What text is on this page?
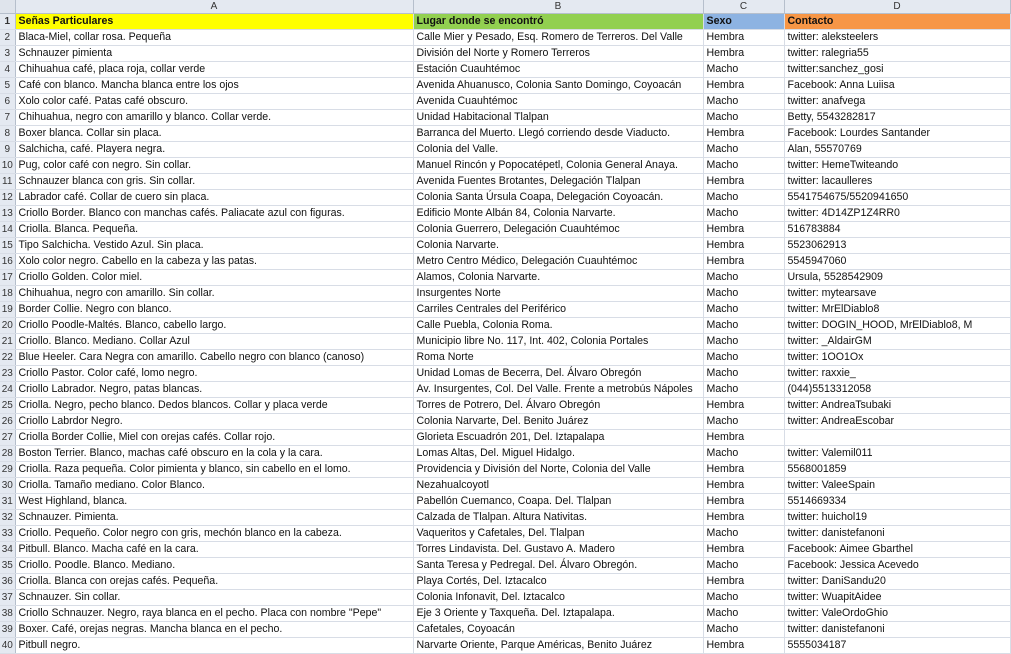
	A	B	C	D
1	Señas Particulares	Lugar donde se encontró	Sexo	Contacto
2	Blaca-Miel, collar rosa. Pequeña	Calle Mier y Pesado, Esq. Romero de Terreros. Del Valle	Hembra	twitter: aleksteelers
3	Schnauzer pimienta	División del Norte y Romero Terreros	Hembra	twitter: ralegria55
4	Chihuahua café, placa roja, collar verde	Estación Cuauhtémoc	Macho	twitter:sanchez_gosi
5	Café con blanco. Mancha blanca entre los ojos	Avenida Ahuanusco, Colonia Santo Domingo, Coyoacán	Hembra	Facebook: Anna Luiisa
6	Xolo color café. Patas café obscuro.	Avenida Cuauhtémoc	Macho	twitter: anafvega
7	Chihuahua, negro con amarillo y blanco. Collar verde.	Unidad Habitacional Tlalpan	Macho	Betty, 5543282817
8	Boxer blanca. Collar sin placa.	Barranca del Muerto. Llegó corriendo desde Viaducto.	Hembra	Facebook: Lourdes Santander
9	Salchicha, café. Playera negra.	Colonia del Valle.	Macho	Alan, 55570769
10	Pug, color café con negro. Sin collar.	Manuel Rincón y Popocatépetl, Colonia General Anaya.	Macho	twitter: HemeTwiteando
11	Schnauzer blanca con gris. Sin collar.	Avenida Fuentes Brotantes, Delegación Tlalpan	Hembra	twitter: lacaulleres
12	Labrador café. Collar de cuero sin placa.	Colonia Santa Úrsula Coapa, Delegación Coyoacán.	Macho	5541754675/5520941650
13	Criollo Border. Blanco con manchas cafés. Paliacate azul con figuras.	Edificio Monte Albán 84, Colonia Narvarte.	Macho	twitter: 4D14ZP1Z4RR0
14	Criolla. Blanca. Pequeña.	Colonia Guerrero, Delegación Cuauhtémoc	Hembra	516783884
15	Tipo Salchicha. Vestido Azul. Sin placa.	Colonia Narvarte.	Hembra	5523062913
16	Xolo color negro. Cabello en la cabeza y las patas.	Metro Centro Médico, Delegación Cuauhtémoc	Hembra	5545947060
17	Criollo Golden. Color miel.	Alamos, Colonia Narvarte.	Macho	Ursula, 5528542909
18	Chihuahua, negro con amarillo. Sin collar.	Insurgentes Norte	Macho	twitter: mytearsave
19	Border Collie. Negro con blanco.	Carriles Centrales del Periférico	Macho	twitter: MrElDiablo8
20	Criollo Poodle-Maltés. Blanco, cabello largo.	Calle Puebla, Colonia Roma.	Macho	twitter: DOGIN_HOOD, MrElDiablo8, M
21	Criollo. Blanco. Mediano. Collar Azul	Municipio libre No. 117, Int. 402, Colonia Portales	Macho	twitter: _AldairGM
22	Blue Heeler. Cara Negra con amarillo. Cabello negro con blanco (canoso)	Roma Norte	Macho	twitter: 1OO1Ox
23	Criollo Pastor. Color café, lomo negro.	Unidad Lomas de Becerra, Del. Álvaro Obregón	Macho	twitter: raxxie_
24	Criollo Labrador. Negro, patas blancas.	Av. Insurgentes, Col. Del Valle. Frente a metrobús Nápoles	Macho	(044)5513312058
25	Criolla. Negro, pecho blanco. Dedos blancos. Collar y placa verde	Torres de Potrero, Del. Álvaro Obregón	Hembra	twitter: AndreaTsubaki
26	Criollo Labrdor Negro.	Colonia Narvarte, Del. Benito Juárez	Macho	twitter: AndreaEscobar
27	Criolla Border Collie, Miel con orejas cafés. Collar rojo.	Glorieta Escuadrón 201, Del. Iztapalapa	Hembra	
28	Boston Terrier. Blanco, machas café obscuro en la cola y la cara.	Lomas Altas, Del. Miguel Hidalgo.	Macho	twitter: Valemil011
29	Criolla. Raza pequeña. Color pimienta y blanco, sin cabello en el lomo.	Providencia y División del Norte, Colonia del Valle	Hembra	5568001859
30	Criolla. Tamaño mediano. Color Blanco.	Nezahualcoyotl	Hembra	twitter: ValeeSpain
31	West Highland, blanca.	Pabellón Cuemanco, Coapa. Del. Tlalpan	Hembra	5514669334
32	Schnauzer. Pimienta.	Calzada de Tlalpan. Altura Nativitas.	Hembra	twitter: huichol19
33	Criollo. Pequeño. Color negro con gris, mechón blanco en la cabeza.	Vaqueritos y Cafetales, Del. Tlalpan	Macho	twitter: danistefanoni
34	Pitbull. Blanco. Macha café en la cara.	Torres Lindavista. Del. Gustavo A. Madero	Hembra	Facebook: Aimee Gbarthel
35	Criollo. Poodle. Blanco. Mediano.	Santa Teresa y Pedregal. Del. Álvaro Obregón.	Macho	Facebook: Jessica Acevedo
36	Criolla. Blanca con orejas cafés. Pequeña.	Playa Cortés, Del. Iztacalco	Hembra	twitter: DaniSandu20
37	Schnauzer. Sin collar.	Colonia Infonavit, Del. Iztacalco	Macho	twitter: WuapitAidee
38	Criollo Schnauzer. Negro, raya blanca en el pecho. Placa con nombre "Pepe"	Eje 3 Oriente y Taxqueña. Del. Iztapalapa.	Macho	twitter: ValeOrdoGhio
39	Boxer. Café, orejas negras. Mancha blanca en el pecho.	Cafetales, Coyoacán	Macho	twitter: danistefanoni
40	Pitbull negro.	Narvarte Oriente, Parque Américas, Benito Juárez	Hembra	5555034187
